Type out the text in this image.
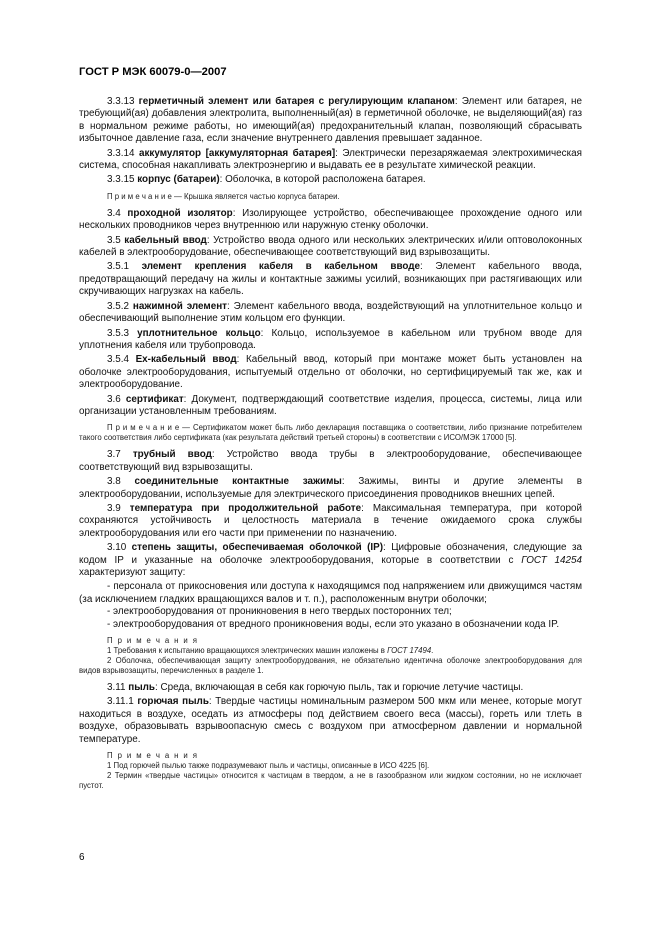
ГОСТ Р МЭК 60079-0—2007

3.3.13 герметичный элемент или батарея с регулирующим клапаном: Элемент или батарея, не требующий(ая) добавления электролита, выполненный(ая) в герметичной оболочке, не выделяющий(ая) газ в нормальном режиме работы, но имеющий(ая) предохранительный клапан, позволяющий сбрасывать избыточное давление газа, если значение внутреннего давления превышает заданное.

3.3.14 аккумулятор [аккумуляторная батарея]: Электрически перезаряжаемая электрохимическая система, способная накапливать электроэнергию и выдавать ее в результате химической реакции.

3.3.15 корпус (батареи): Оболочка, в которой расположена батарея.

П р и м е ч а н и е — Крышка является частью корпуса батареи.

3.4 проходной изолятор: Изолирующее устройство, обеспечивающее прохождение одного или нескольких проводников через внутреннюю или наружную стенку оболочки.

3.5 кабельный ввод: Устройство ввода одного или нескольких электрических и/или оптоволоконных кабелей в электрооборудование, обеспечивающее соответствующий вид взрывозащиты.

3.5.1 элемент крепления кабеля в кабельном вводе: Элемент кабельного ввода, предотвращающий передачу на жилы и контактные зажимы усилий, возникающих при растягивающих или скручивающих нагрузках на кабель.

3.5.2 нажимной элемент: Элемент кабельного ввода, воздействующий на уплотнительное кольцо и обеспечивающий выполнение этим кольцом его функции.

3.5.3 уплотнительное кольцо: Кольцо, используемое в кабельном или трубном вводе для уплотнения кабеля или трубопровода.

3.5.4 Ex-кабельный ввод: Кабельный ввод, который при монтаже может быть установлен на оболочке электрооборудования, испытуемый отдельно от оболочки, но сертифицируемый так же, как и электрооборудование.

3.6 сертификат: Документ, подтверждающий соответствие изделия, процесса, системы, лица или организации установленным требованиям.

П р и м е ч а н и е — Сертификатом может быть либо декларация поставщика о соответствии, либо признание потребителем такого соответствия либо сертификата (как результата действий третьей стороны) в соответствии с ИСО/МЭК 17000 [5].

3.7 трубный ввод: Устройство ввода трубы в электрооборудование, обеспечивающее соответствующий вид взрывозащиты.

3.8 соединительные контактные зажимы: Зажимы, винты и другие элементы в электрооборудовании, используемые для электрического присоединения проводников внешних цепей.

3.9 температура при продолжительной работе: Максимальная температура, при которой сохраняются устойчивость и целостность материала в течение ожидаемого срока службы электрооборудования или его части при применении по назначению.

3.10 степень защиты, обеспечиваемая оболочкой (IP): Цифровые обозначения, следующие за кодом IP и указанные на оболочке электрооборудования, которые в соответствии с ГОСТ 14254 характеризуют защиту:

- персонала от прикосновения или доступа к находящимся под напряжением или движущимся частям (за исключением гладких вращающихся валов и т. п.), расположенным внутри оболочки;

- электрооборудования от проникновения в него твердых посторонних тел;

- электрооборудования от вредного проникновения воды, если это указано в обозначении кода IP.

П р и м е ч а н и я

1 Требования к испытанию вращающихся электрических машин изложены в ГОСТ 17494.

2 Оболочка, обеспечивающая защиту электрооборудования, не обязательно идентична оболочке электрооборудования для видов взрывозащиты, перечисленных в разделе 1.

3.11 пыль: Среда, включающая в себя как горючую пыль, так и горючие летучие частицы.

3.11.1 горючая пыль: Твердые частицы номинальным размером 500 мкм или менее, которые могут находиться в воздухе, оседать из атмосферы под действием своего веса (массы), гореть или тлеть в воздухе, образовывать взрывоопасную смесь с воздухом при атмосферном давлении и нормальной температуре.

П р и м е ч а н и я

1 Под горючей пылью также подразумевают пыль и частицы, описанные в ИСО 4225 [6].

2 Термин «твердые частицы» относится к частицам в твердом, а не в газообразном или жидком состоянии, но не исключает пустот.

6
